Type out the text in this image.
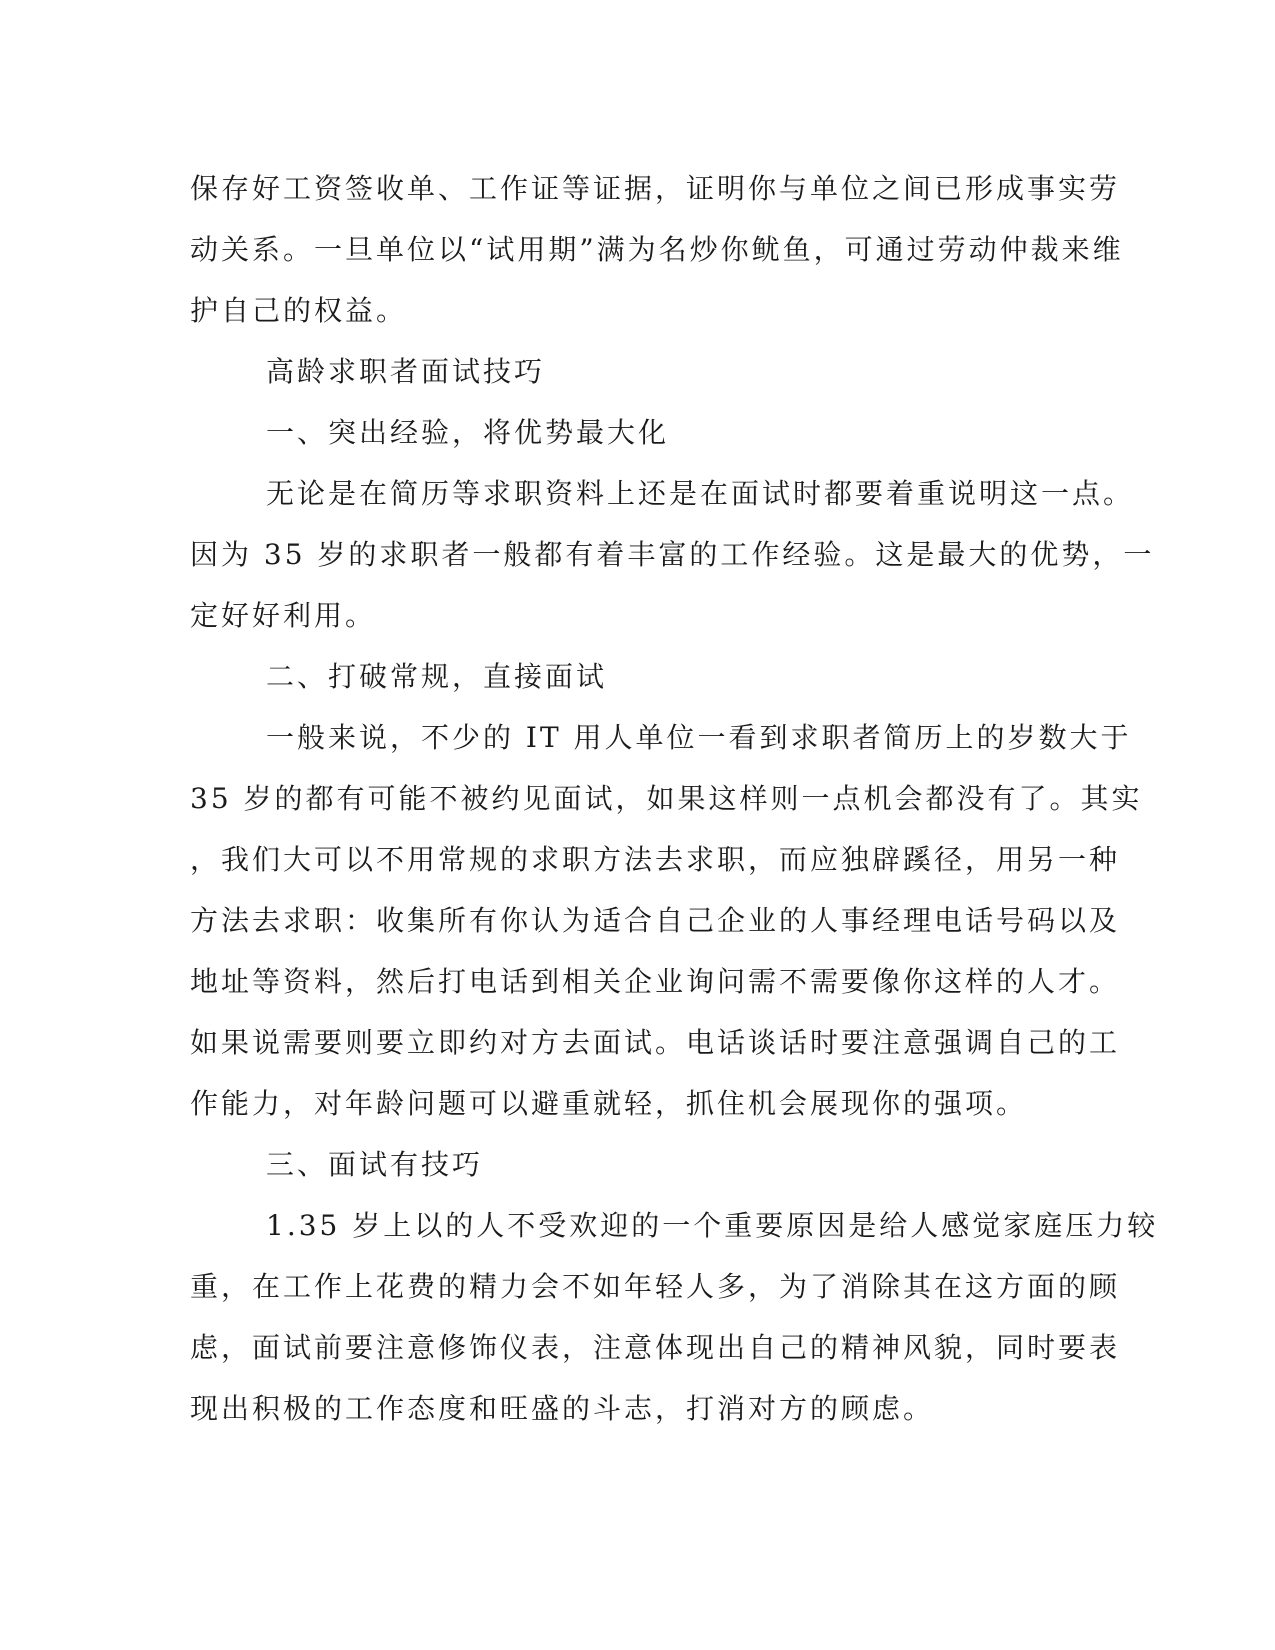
保存好工资签收单、工作证等证据，证明你与单位之间已形成事实劳
动关系。一旦单位以“试用期”满为名炒你鱿鱼，可通过劳动仲裁来维
护自己的权益。
高龄求职者面试技巧
一、突出经验，将优势最大化
无论是在简历等求职资料上还是在面试时都要着重说明这一点。
因为 35 岁的求职者一般都有着丰富的工作经验。这是最大的优势，一
定好好利用。
二、打破常规，直接面试
一般来说，不少的 IT 用人单位一看到求职者简历上的岁数大于
35 岁的都有可能不被约见面试，如果这样则一点机会都没有了。其实
，我们大可以不用常规的求职方法去求职，而应独辟蹊径，用另一种
方法去求职：收集所有你认为适合自己企业的人事经理电话号码以及
地址等资料，然后打电话到相关企业询问需不需要像你这样的人才。
如果说需要则要立即约对方去面试。电话谈话时要注意强调自己的工
作能力，对年龄问题可以避重就轻，抓住机会展现你的强项。
三、面试有技巧
1.35 岁上以的人不受欢迎的一个重要原因是给人感觉家庭压力较
重，在工作上花费的精力会不如年轻人多，为了消除其在这方面的顾
虑，面试前要注意修饰仪表，注意体现出自己的精神风貌，同时要表
现出积极的工作态度和旺盛的斗志，打消对方的顾虑。
